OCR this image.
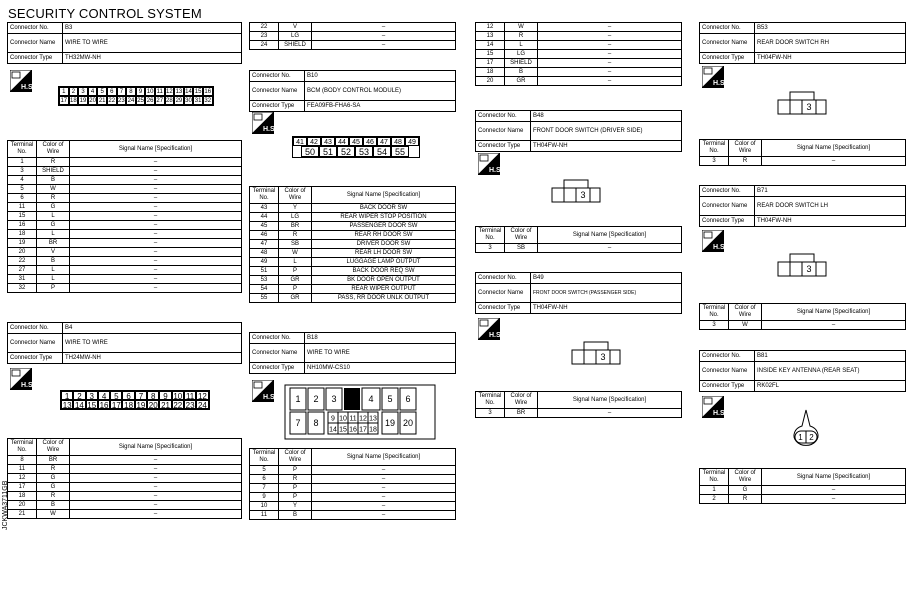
SECURITY CONTROL SYSTEM
JCKWA3711GB
Connector No.	B3
Connector Name	WIRE TO WIRE
Connector Type	TH32MW-NH
1	2	3	4	5	6	7	8	9 10 11 12 13 14 15 16
17 18 19 20 21 22 23 24 25 26 27 28 29 30 31 32
Terminal No.	Color of Wire	Signal Name [Specification]
1	R	–
3	SHIELD	–
4	B	–
5	W	–
6	R	–
11	G	–
15	L	–
16	G	–
18	L	–
19	BR	–
20	V	–
22	B	–
27	L	–
31	L	–
32	P	–
Connector No.	B4
Connector Name	WIRE TO WIRE
Connector Type	TH24MW-NH
1 2 3 4 5 6 7 8 9 10 11 12
13 14 15 16 17 18 19 20 21 22 23 24
Terminal No.	Color of Wire	Signal Name [Specification]
8	BR	–
11	R	–
12	G	–
17	G	–
18	R	–
20	B	–
21	W	–
22	V	–
23	LG	–
24	SHIELD	–
Connector No.	B10
Connector Name	BCM (BODY CONTROL MODULE)
Connector Type	FEA09FB-FHA6-SA
41 42 43 44 45 46 47 48 49
50 51 52 53 54 55
Terminal No.	Color of Wire	Signal Name [Specification]
43	Y	BACK DOOR SW
44	LG	REAR WIPER STOP POSITION
45	BR	PASSENGER DOOR SW
46	R	REAR RH DOOR SW
47	SB	DRIVER DOOR SW
48	W	REAR LH DOOR SW
49	L	LUGGAGE LAMP OUTPUT
51	P	BACK DOOR REQ SW
53	GR	BK DOOR OPEN OUTPUT
54	P	REAR WIPER OUTPUT
55	GR	PASS, RR DOOR UNLK OUTPUT
Connector No.	B18
Connector Name	WIRE TO WIRE
Connector Type	NH10MW-CS10
4
1 2 3	5 6
7 8	19 20
9 10 11 12 13
14 15 16 17 18
Terminal No.	Color of Wire	Signal Name [Specification]
5	P	–
6	R	–
7	P	–
9	P	–
10	Y	–
11	B	–
12	W	–
13	R	–
14	L	–
15	LG	–
17	SHIELD	–
18	B	–
20	GR	–
Connector No.	B48
Connector Name	FRONT DOOR SWITCH (DRIVER SIDE)
Connector Type	TH04FW-NH
3
Terminal No.	Color of Wire	Signal Name [Specification]
3	SB	–
Connector No.	B49
Connector Name	FRONT DOOR SWITCH (PASSENGER SIDE)
Connector Type	TH04FW-NH
3
Terminal No.	Color of Wire	Signal Name [Specification]
3	BR	–
Connector No.	B53
Connector Name	REAR DOOR SWITCH RH
Connector Type	TH04FW-NH
3
Terminal No.	Color of Wire	Signal Name [Specification]
3	R	–
Connector No.	B71
Connector Name	REAR DOOR SWITCH LH
Connector Type	TH04FW-NH
3
Terminal No.	Color of Wire	Signal Name [Specification]
3	W	–
Connector No.	B81
Connector Name	INSIDE KEY ANTENNA (REAR SEAT)
Connector Type	RK02FL
1 2
Terminal No.	Color of Wire	Signal Name [Specification]
1	G	–
2	R	–
